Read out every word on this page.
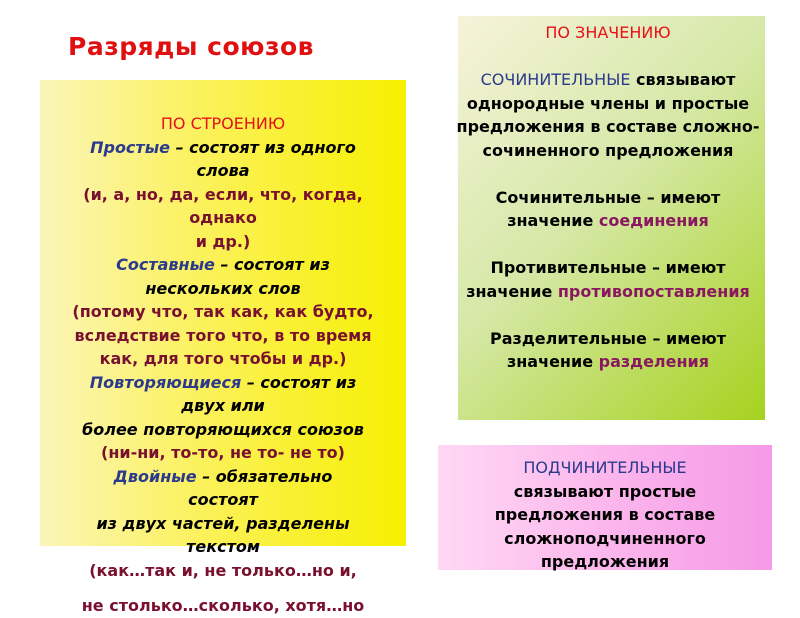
Разряды союзов
ПО СТРОЕНИЮ
Простые – состоят из одного
слова
(и, а, но, да, если, что, когда,
однако
и др.)
Составные – состоят из
нескольких слов
(потому что, так как, как будто,
вследствие того что, в то время
как, для того чтобы и др.)
Повторяющиеся – состоят из
двух или
более повторяющихся союзов
(ни-ни, то-то, не то- не то)
Двойные – обязательно
состоят
из двух частей, разделены
текстом
(как…так и, не только…но и,
не столько…сколько, хотя…но
ПО ЗНАЧЕНИЮ
СОЧИНИТЕЛЬНЫЕ связывают
однородные члены и простые
предложения в составе сложно-
сочиненного предложения
Сочинительные – имеют
значение соединения
Противительные – имеют
значение противопоставления
Разделительные – имеют
значение разделения
ПОДЧИНИТЕЛЬНЫЕ
связывают простые
предложения в составе
сложноподчиненного
предложения
